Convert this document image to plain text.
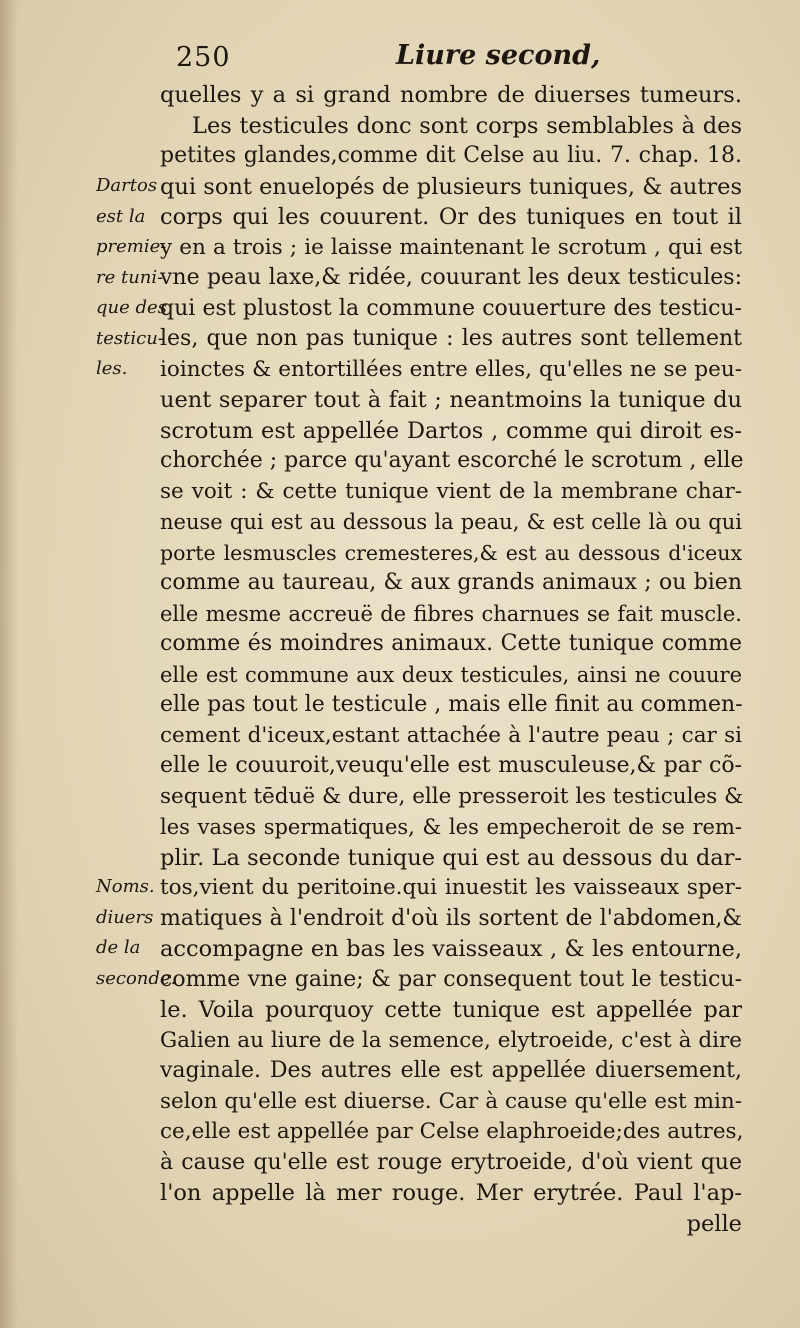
250	Liure second,
Dartos
est la
premie-
re tuni-
que des
testicu-
les.
Noms.
diuers
de la
seconde.
quelles y a si grand nombre de diuerses tumeurs.
Les testicules donc sont corps semblables à des
petites glandes,comme dit Celse au liu. 7. chap. 18.
qui sont enuelopés de plusieurs tuniques, & autres
corps qui les couurent. Or des tuniques en tout il
y en a trois ; ie laisse maintenant le scrotum , qui est
vne peau laxe,& ridée, couurant les deux testicules:
qui est plustost la commune couuerture des testicu-
les, que non pas tunique : les autres sont tellement
ioinctes & entortillées entre elles, qu'elles ne se peu-
uent separer tout à fait ; neantmoins la tunique du
scrotum est appellée Dartos , comme qui diroit es-
chorchée ; parce qu'ayant escorché le scrotum , elle
se voit : & cette tunique vient de la membrane char-
neuse qui est au dessous la peau, & est celle là ou qui
porte lesmuscles cremesteres,& est au dessous d'iceux
comme au taureau, & aux grands animaux ; ou bien
elle mesme accreuë de fibres charnues se fait muscle.
comme és moindres animaux. Cette tunique comme
elle est commune aux deux testicules, ainsi ne couure
elle pas tout le testicule , mais elle finit au commen-
cement d'iceux,estant attachée à l'autre peau ; car si
elle le couuroit,veuqu'elle est musculeuse,& par cõ-
sequent tēduë & dure, elle presseroit les testicules &
les vases spermatiques, & les empecheroit de se rem-
plir. La seconde tunique qui est au dessous du dar-
tos,vient du peritoine.qui inuestit les vaisseaux sper-
matiques à l'endroit d'où ils sortent de l'abdomen,&
accompagne en bas les vaisseaux , & les entourne,
comme vne gaine; & par consequent tout le testicu-
le. Voila pourquoy cette tunique est appellée par
Galien au liure de la semence, elytroeide, c'est à dire
vaginale. Des autres elle est appellée diuersement,
selon qu'elle est diuerse. Car à cause qu'elle est min-
ce,elle est appellée par Celse elaphroeide;des autres,
à cause qu'elle est rouge erytroeide, d'où vient que
l'on appelle là mer rouge. Mer erytrée. Paul l'ap-
pelle
